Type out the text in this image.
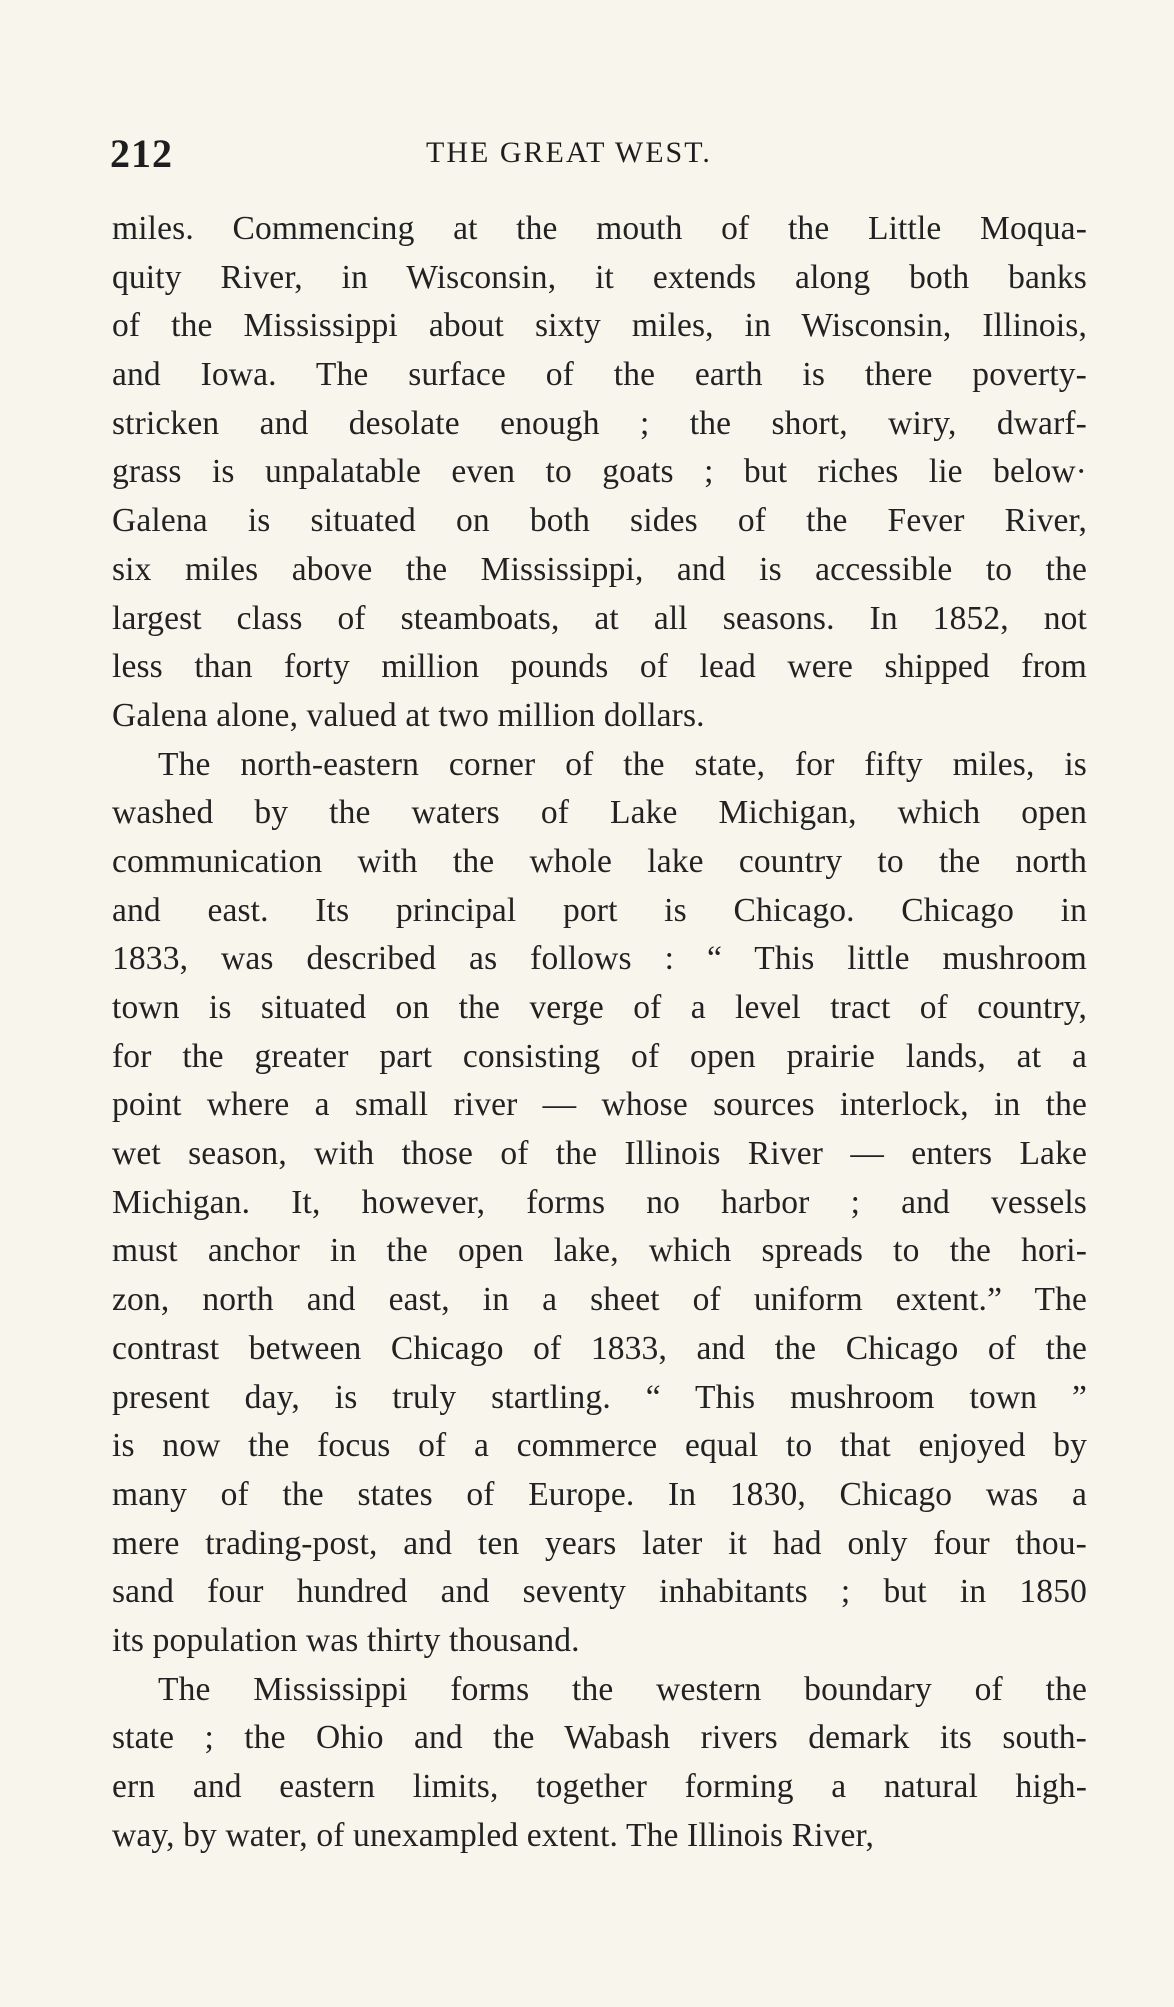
212	THE GREAT WEST.
miles. Commencing at the mouth of the Little Moqua-
quity River, in Wisconsin, it extends along both banks
of the Mississippi about sixty miles, in Wisconsin, Illinois,
and Iowa. The surface of the earth is there poverty-
stricken and desolate enough ; the short, wiry, dwarf-
grass is unpalatable even to goats ; but riches lie below·
Galena is situated on both sides of the Fever River,
six miles above the Mississippi, and is accessible to the
largest class of steamboats, at all seasons. In 1852, not
less than forty million pounds of lead were shipped from
Galena alone, valued at two million dollars.
The north-eastern corner of the state, for fifty miles, is
washed by the waters of Lake Michigan, which open
communication with the whole lake country to the north
and east. Its principal port is Chicago. Chicago in
1833, was described as follows : “ This little mushroom
town is situated on the verge of a level tract of country,
for the greater part consisting of open prairie lands, at a
point where a small river — whose sources interlock, in the
wet season, with those of the Illinois River — enters Lake
Michigan. It, however, forms no harbor ; and vessels
must anchor in the open lake, which spreads to the hori-
zon, north and east, in a sheet of uniform extent.” The
contrast between Chicago of 1833, and the Chicago of the
present day, is truly startling. “ This mushroom town ”
is now the focus of a commerce equal to that enjoyed by
many of the states of Europe. In 1830, Chicago was a
mere trading-post, and ten years later it had only four thou-
sand four hundred and seventy inhabitants ; but in 1850
its population was thirty thousand.
The Mississippi forms the western boundary of the
state ; the Ohio and the Wabash rivers demark its south-
ern and eastern limits, together forming a natural high-
way, by water, of unexampled extent. The Illinois River,
